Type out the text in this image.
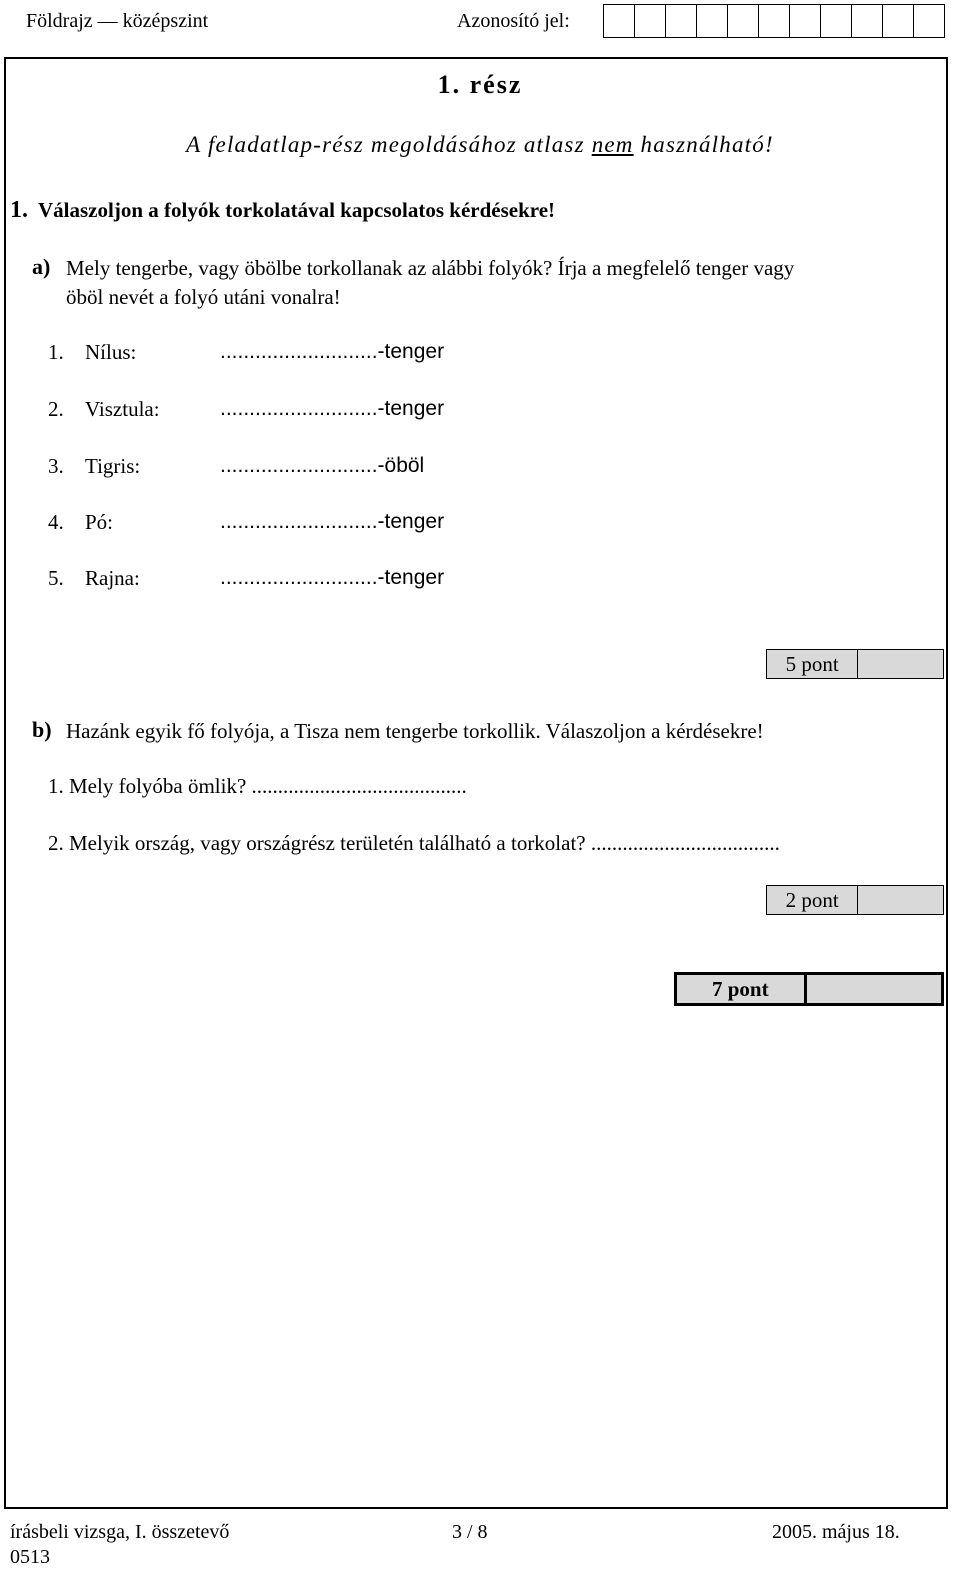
Földrajz — középszint	Azonosító jel:
1. rész
A feladatlap-rész megoldásához atlasz nem használható!
1. Válaszoljon a folyók torkolatával kapcsolatos kérdésekre!
a) Mely tengerbe, vagy öbölbe torkollanak az alábbi folyók? Írja a megfelelő tenger vagy
öböl nevét a folyó utáni vonalra!
1. Nílus:	...........................-tenger
2. Visztula:	...........................-tenger
3. Tigris:	...........................-öböl
4. Pó:	...........................-tenger
5. Rajna:	...........................-tenger
5 pont
b) Hazánk egyik fő folyója, a Tisza nem tengerbe torkollik. Válaszoljon a kérdésekre!
1. Mely folyóba ömlik? .........................................
2. Melyik ország, vagy országrész területén található a torkolat? ....................................
2 pont
7 pont
írásbeli vizsga, I. összetevő
0513
3 / 8	2005. május 18.
